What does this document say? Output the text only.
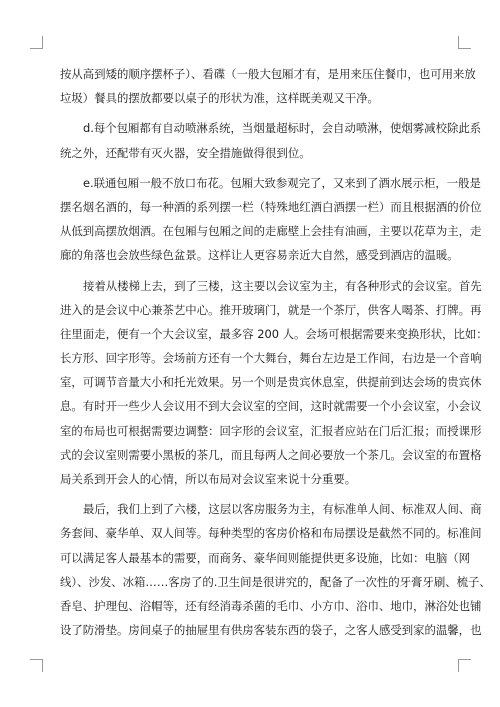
按从高到矮的顺序摆杯子）、看碟（一般大包厢才有，是用来压住餐巾，也可用来放
垃圾）餐具的摆放都要以桌子的形状为准，这样既美观又干净。
d.每个包厢都有自动喷淋系统，当烟量超标时，会自动喷淋，使烟雾减校除此系
统之外，还配带有灭火器，安全措施做得很到位。
e.联通包厢一般不放口布花。包厢大致参观完了，又来到了酒水展示柜，一般是
摆名烟名酒的，每一种酒的系列摆一栏（特殊地红酒白酒摆一栏）而且根据酒的价位
从低到高摆放烟酒。在包厢与包厢之间的走廊壁上会挂有油画，主要以花草为主，走
廊的角落也会放些绿色盆景。这样让人更容易亲近大自然，感受到酒店的温暖。
接着从楼梯上去，到了三楼，这主要以会议室为主，有各种形式的会议室。首先
进入的是会议中心兼茶艺中心。推开玻璃门，就是一个茶厅，供客人喝茶、打牌。再
往里面走，便有一个大会议室，最多容 200 人。会场可根据需要来变换形状，比如：
长方形、回字形等。会场前方还有一个大舞台，舞台左边是工作间，右边是一个音响
室，可调节音量大小和托光效果。另一个则是贵宾休息室，供提前到达会场的贵宾休
息。有时开一些少人会议用不到大会议室的空间，这时就需要一个小会议室，小会议
室的布局也可根据需要边调整：回字形的会议室，汇报者应站在门后汇报；而授课形
式的会议室则需要小黑板的茶几，而且每两人之间必要放一个茶几。会议室的布置格
局关系到开会人的心情，所以布局对会议室来说十分重要。
最后，我们上到了六楼，这层以客房服务为主，有标准单人间、标准双人间、商
务套间、豪华单、双人间等。每种类型的客房价格和布局摆设是截然不同的。标准间
可以满足客人最基本的需要，而商务、豪华间则能提供更多设施，比如：电脑（网
线）、沙发、冰箱……客房了的.卫生间是很讲究的，配备了一次性的牙膏牙刷、梳子、
香皂、护理包、浴帽等，还有经消毒杀菌的毛巾、小方巾、浴巾、地巾，淋浴处也铺
设了防滑垫。房间桌子的抽屉里有供房客装东西的袋子，之客人感受到家的温馨，也
